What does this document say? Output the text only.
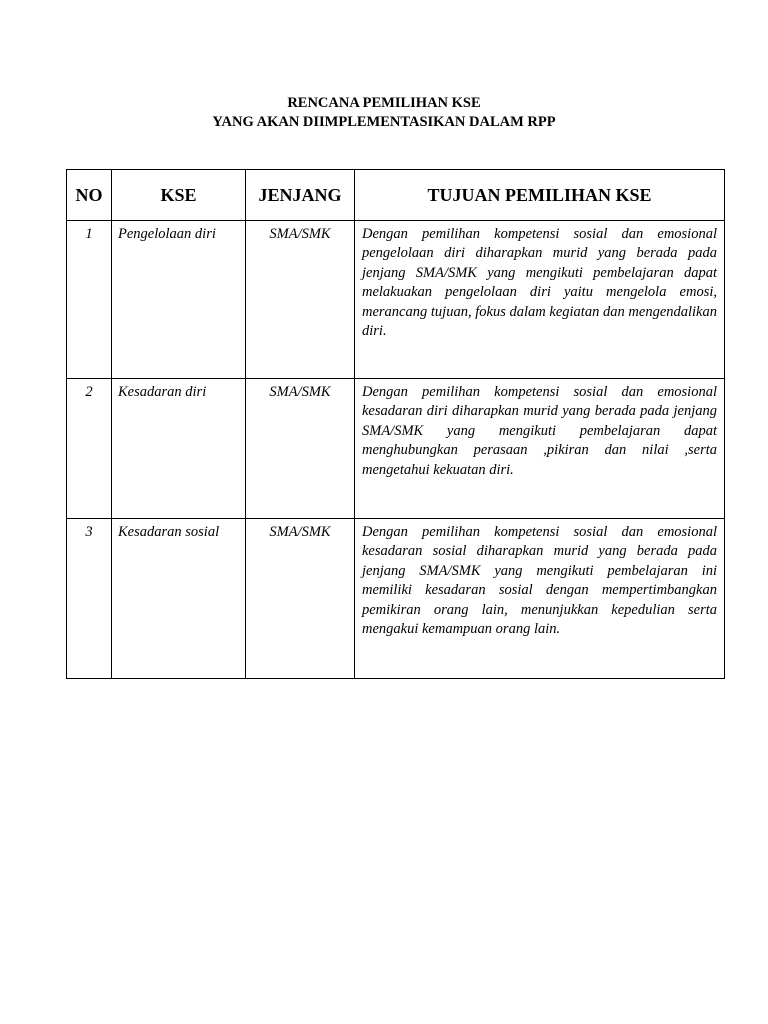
RENCANA PEMILIHAN KSE
YANG AKAN DIIMPLEMENTASIKAN DALAM RPP
NO	KSE	JENJANG	TUJUAN PEMILIHAN KSE
1	Pengelolaan diri	SMA/SMK	Dengan pemilihan kompetensi sosial dan emosional pengelolaan diri diharapkan murid yang berada pada jenjang SMA/SMK yang mengikuti pembelajaran dapat melakuakan pengelolaan diri yaitu mengelola emosi, merancang tujuan, fokus dalam kegiatan dan mengendalikan diri.
2	Kesadaran diri	SMA/SMK	Dengan pemilihan kompetensi sosial dan emosional kesadaran diri diharapkan murid yang berada pada jenjang SMA/SMK yang mengikuti pembelajaran dapat menghubungkan perasaan ,pikiran dan nilai ,serta mengetahui kekuatan diri.
3	Kesadaran sosial	SMA/SMK	Dengan pemilihan kompetensi sosial dan emosional kesadaran sosial diharapkan murid yang berada pada jenjang SMA/SMK yang mengikuti pembelajaran ini memiliki kesadaran sosial dengan mempertimbangkan pemikiran orang lain, menunjukkan kepedulian serta mengakui kemampuan orang lain.
